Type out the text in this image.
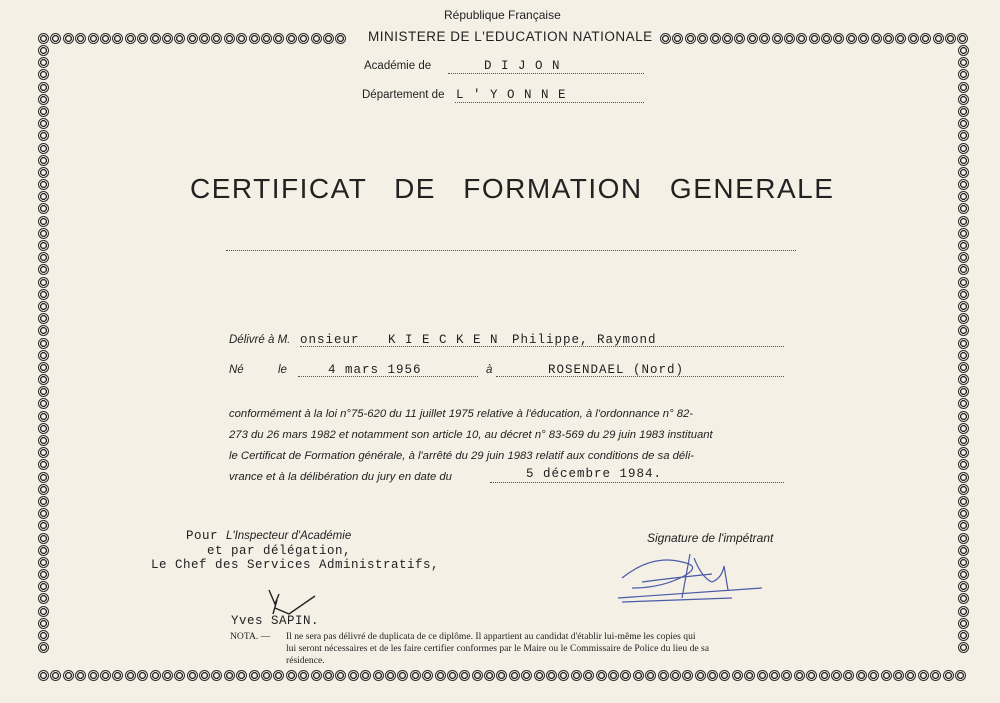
République Française
MINISTERE DE L'EDUCATION NATIONALE
Académie de	D I J O N
Département de L ' Y O N N E
CERTIFICAT DE FORMATION GENERALE
Délivré à M. onsieur K I E C K E N Philippe, Raymond
Né	le	4 mars 1956	à	ROSENDAEL (Nord)
conformément à la loi n°75-620 du 11 juillet 1975 relative à l'éducation, à l'ordonnance n° 82-
273 du 26 mars 1982 et notamment son article 10, au décret n° 83-569 du 29 juin 1983 instituant
le Certificat de Formation générale, à l'arrêté du 29 juin 1983 relatif aux conditions de sa déli-
vrance et à la délibération du jury en date du	5 décembre 1984.
Pour L'Inspecteur d'Académie
et par délégation,
Le Chef des Services Administratifs,
Yves SAPIN.
Signature de l'impétrant
NOTA. — Il ne sera pas délivré de duplicata de ce diplôme. Il appartient au candidat d'établir lui-même les copies qui
lui seront nécessaires et de les faire certifier conformes par le Maire ou le Commissaire de Police du lieu de sa
résidence.
